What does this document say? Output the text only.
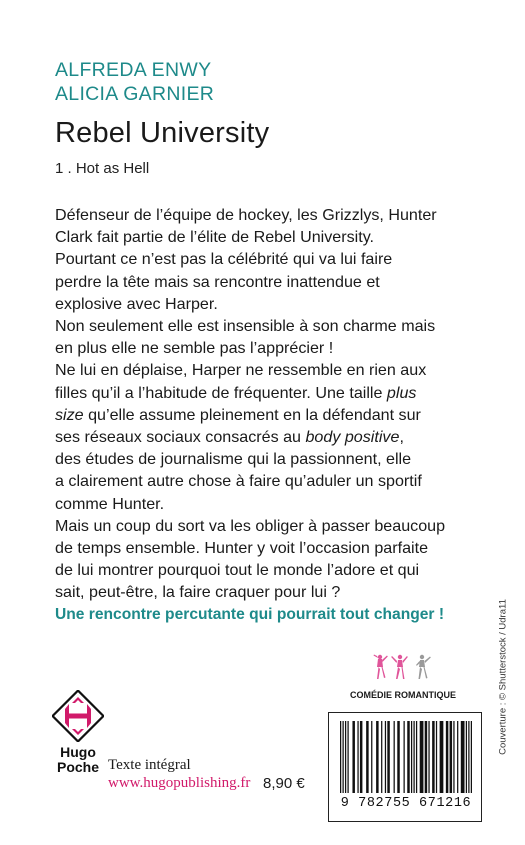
ALFREDA ENWY
ALICIA GARNIER
Rebel University
1 . Hot as Hell

Défenseur de l’équipe de hockey, les Grizzlys, Hunter

Clark fait partie de l’élite de Rebel University.

Pourtant ce n’est pas la célébrité qui va lui faire

perdre la tête mais sa rencontre inattendue et

explosive avec Harper.

Non seulement elle est insensible à son charme mais

en plus elle ne semble pas l’apprécier !

Ne lui en déplaise, Harper ne ressemble en rien aux

filles qu’il a l’habitude de fréquenter. Une taille plus

size qu’elle assume pleinement en la défendant sur

ses réseaux sociaux consacrés au body positive,

des études de journalisme qui la passionnent, elle

a clairement autre chose à faire qu’aduler un sportif

comme Hunter.

Mais un coup du sort va les obliger à passer beaucoup

de temps ensemble. Hunter y voit l’occasion parfaite

de lui montrer pourquoi tout le monde l’adore et qui

sait, peut-être, la faire craquer pour lui ?

Une rencontre percutante qui pourrait tout changer !	Couverture : © Shutterstock / Udra11
COMÉDIE ROMANTIQUE
9 782755 671216
Hugo
Poche Texte intégral
www.hugopublishing.fr 8,90 €
